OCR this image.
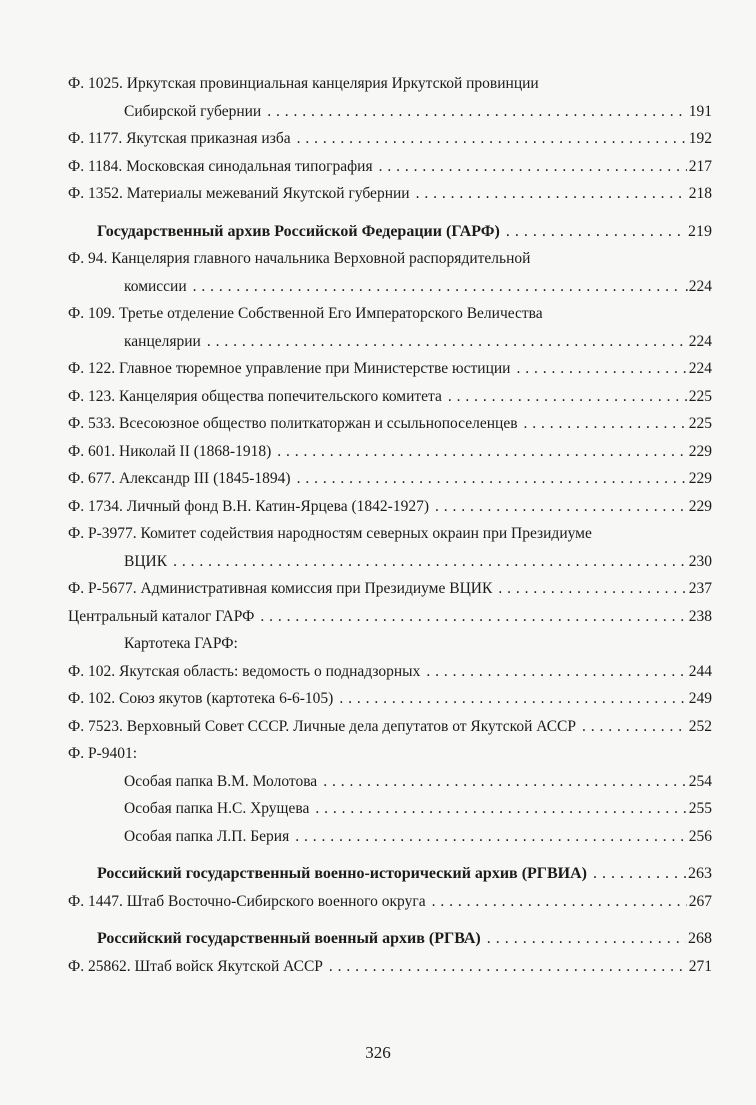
Ф. 1025. Иркутская провинциальная канцелярия Иркутской провинции
Сибирской губернии . . .	191
Ф. 1177. Якутская приказная изба . . .	192
Ф. 1184. Московская синодальная типография . . .	217
Ф. 1352. Материалы межеваний Якутской губернии . . .	218
Государственный архив Российской Федерации (ГАРФ) . . .	219
Ф. 94. Канцелярия главного начальника Верховной распорядительной
комиссии . . .	.224
Ф. 109. Третье отделение Собственной Его Императорского Величества
канцелярии . . .	224
Ф. 122. Главное тюремное управление при Министерстве юстиции . . .	224
Ф. 123. Канцелярия общества попечительского комитета . . .	225
Ф. 533. Всесоюзное общество политкаторжан и ссыльнопоселенцев . . .	225
Ф. 601. Николай II (1868-1918) . . .	229
Ф. 677. Александр III (1845-1894) . . .	229
Ф. 1734. Личный фонд В.Н. Катин-Ярцева (1842-1927) . . .	229
Ф. Р-3977. Комитет содействия народностям северных окраин при Президиуме
ВЦИК . . .	230
Ф. Р-5677. Административная комиссия при Президиуме ВЦИК . . .	237
Центральный каталог ГАРФ . . .	238
Картотека ГАРФ:
Ф. 102. Якутская область: ведомость о поднадзорных . . .	244
Ф. 102. Союз якутов (картотека 6-6-105) . . .	249
Ф. 7523. Верховный Совет СССР. Личные дела депутатов от Якутской АССР . . .	252
Ф. Р-9401:
Особая папка В.М. Молотова . . .	254
Особая папка Н.С. Хрущева . . .	255
Особая папка Л.П. Берия . . .	256
Российский государственный военно-исторический архив (РГВИА) . . .	263
Ф. 1447. Штаб Восточно-Сибирского военного округа . . .	267
Российский государственный военный архив (РГВА) . . .	268
Ф. 25862. Штаб войск Якутской АССР . . .	271
326
